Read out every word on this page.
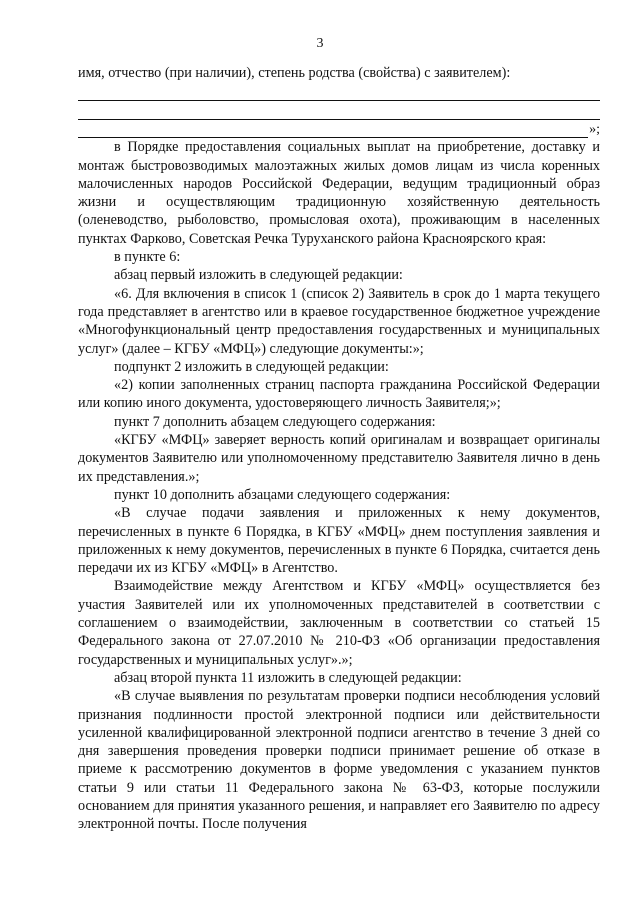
3

имя, отчество (при наличии), степень родства (свойства) с заявителем):

»;

в Порядке предоставления социальных выплат на приобретение, доставку и монтаж быстровозводимых малоэтажных жилых домов лицам из числа коренных малочисленных народов Российской Федерации, ведущим традиционный образ жизни и осуществляющим традиционную хозяйственную деятельность (оленеводство, рыболовство, промысловая охота), проживающим в населенных пунктах Фарково, Советская Речка Туруханского района Красноярского края:

в пункте 6:

абзац первый изложить в следующей редакции:

«6. Для включения в список 1 (список 2) Заявитель в срок до 1 марта текущего года представляет в агентство или в краевое государственное бюджетное учреждение «Многофункциональный центр предоставления государственных и муниципальных услуг» (далее – КГБУ «МФЦ») следующие документы:»;

подпункт 2 изложить в следующей редакции:

«2) копии заполненных страниц паспорта гражданина Российской Федерации или копию иного документа, удостоверяющего личность Заявителя;»;

пункт 7 дополнить абзацем следующего содержания:

«КГБУ «МФЦ» заверяет верность копий оригиналам и возвращает оригиналы документов Заявителю или уполномоченному представителю Заявителя лично в день их представления.»;

пункт 10 дополнить абзацами следующего содержания:

«В случае подачи заявления и приложенных к нему документов, перечисленных в пункте 6 Порядка, в КГБУ «МФЦ» днем поступления заявления и приложенных к нему документов, перечисленных в пункте 6 Порядка, считается день передачи их из КГБУ «МФЦ» в Агентство.

Взаимодействие между Агентством и КГБУ «МФЦ» осуществляется без участия Заявителей или их уполномоченных представителей в соответствии с соглашением о взаимодействии, заключенным в соответствии со статьей 15 Федерального закона от 27.07.2010 № 210-ФЗ «Об организации предоставления государственных и муниципальных услуг».»;

абзац второй пункта 11 изложить в следующей редакции:

«В случае выявления по результатам проверки подписи несоблюдения условий признания подлинности простой электронной подписи или действительности усиленной квалифицированной электронной подписи агентство в течение 3 дней со дня завершения проведения проверки подписи принимает решение об отказе в приеме к рассмотрению документов в форме уведомления с указанием пунктов статьи 9 или статьи 11 Федерального закона № 63-ФЗ, которые послужили основанием для принятия указанного решения, и направляет его Заявителю по адресу электронной почты. После получения
